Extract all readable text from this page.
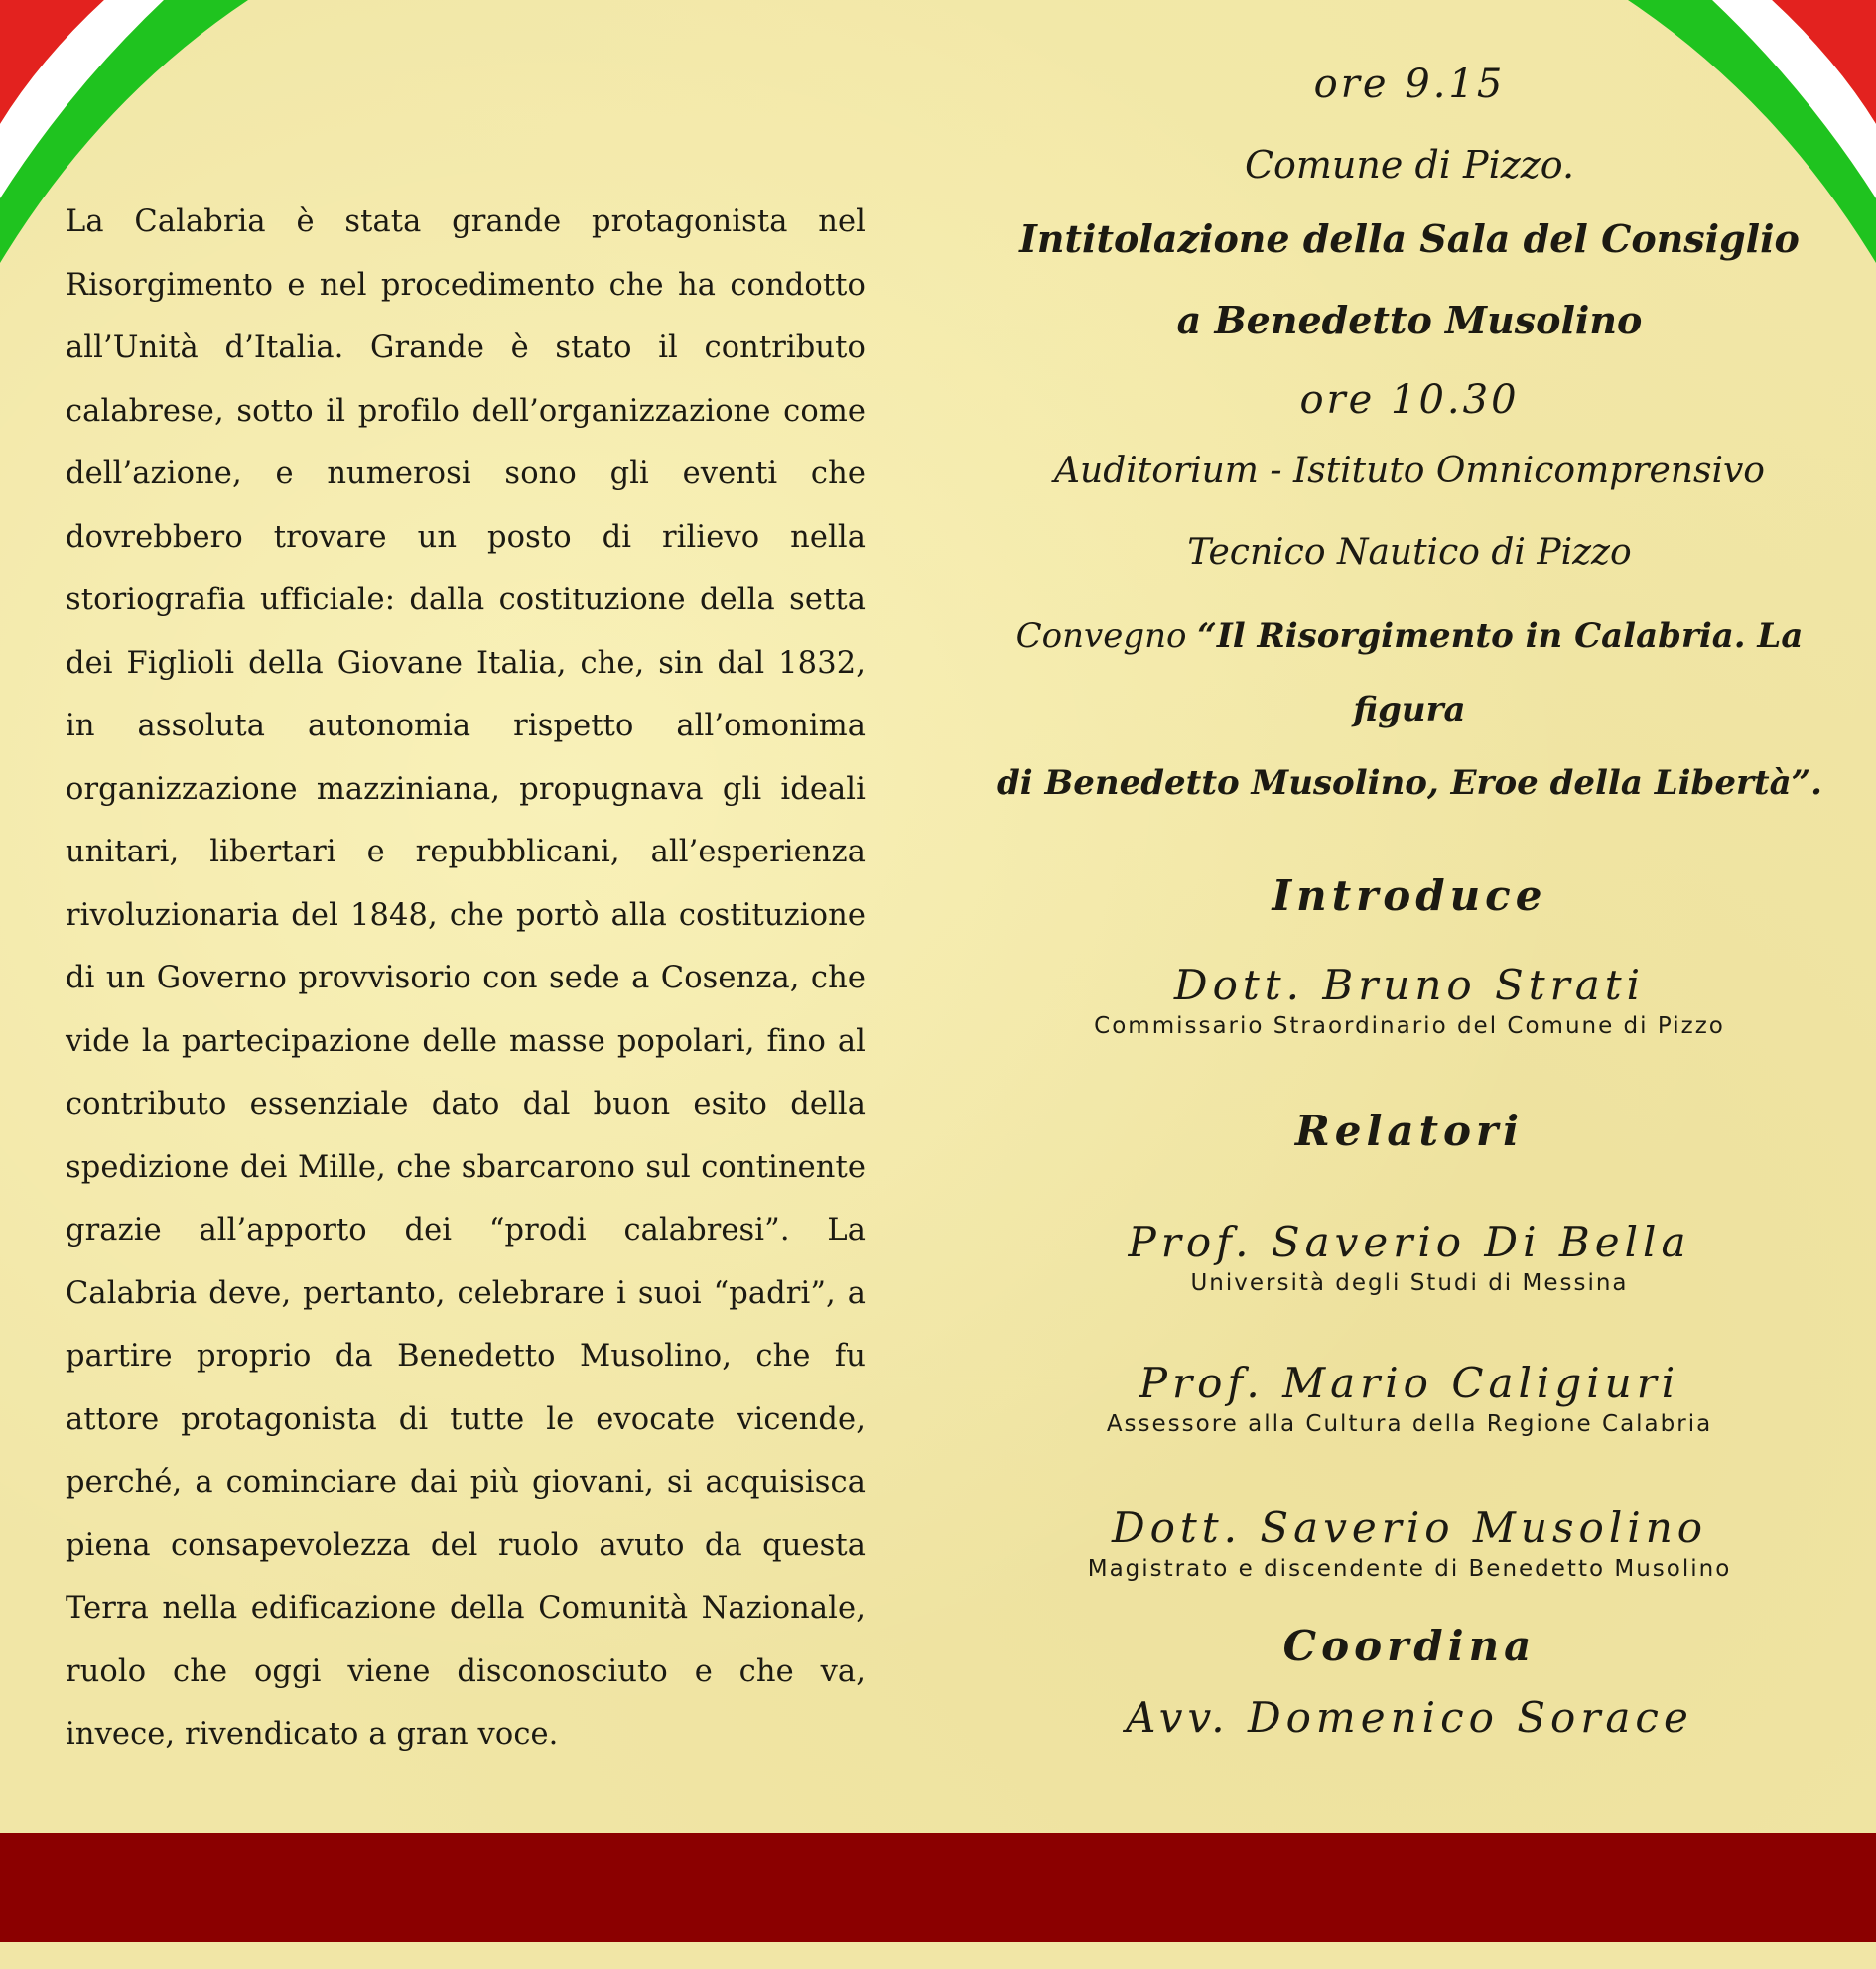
La Calabria è stata grande protagonista nel Risorgimento e nel procedimento che ha condotto all’Unità d’Italia. Grande è stato il contributo calabrese, sotto il profilo dell’organizzazione come dell’azione, e numerosi sono gli eventi che dovrebbero trovare un posto di rilievo nella storiografia ufficiale: dalla costituzione della setta dei Figlioli della Giovane Italia, che, sin dal 1832, in assoluta autonomia rispetto all’omonima organizzazione mazziniana, propugnava gli ideali unitari, libertari e repubblicani, all’esperienza rivoluzionaria del 1848, che portò alla costituzione di un Governo provvisorio con sede a Cosenza, che vide la partecipazione delle masse popolari, fino al contributo essenziale dato dal buon esito della spedizione dei Mille, che sbarcarono sul continente grazie all’apporto dei “prodi calabresi”. La Calabria deve, pertanto, celebrare i suoi “padri”, a partire proprio da Benedetto Musolino, che fu attore protagonista di tutte le evocate vicende, perché, a cominciare dai più giovani, si acquisisca piena consapevolezza del ruolo avuto da questa Terra nella edificazione della Comunità Nazionale, ruolo che oggi viene disconosciuto e che va, invece, rivendicato a gran voce.

ore 9.15

Comune di Pizzo.

Intitolazione della Sala del Consiglio

a Benedetto Musolino

ore 10.30

Auditorium - Istituto Omnicomprensivo

Tecnico Nautico di Pizzo

Convegno “Il Risorgimento in Calabria. La figura

di Benedetto Musolino, Eroe della Libertà”.

Introduce

Dott. Bruno Strati

Commissario Straordinario del Comune di Pizzo

Relatori

Prof. Saverio Di Bella

Università degli Studi di Messina

Prof. Mario Caligiuri

Assessore alla Cultura della Regione Calabria

Dott. Saverio Musolino

Magistrato e discendente di Benedetto Musolino

Coordina

Avv. Domenico Sorace
